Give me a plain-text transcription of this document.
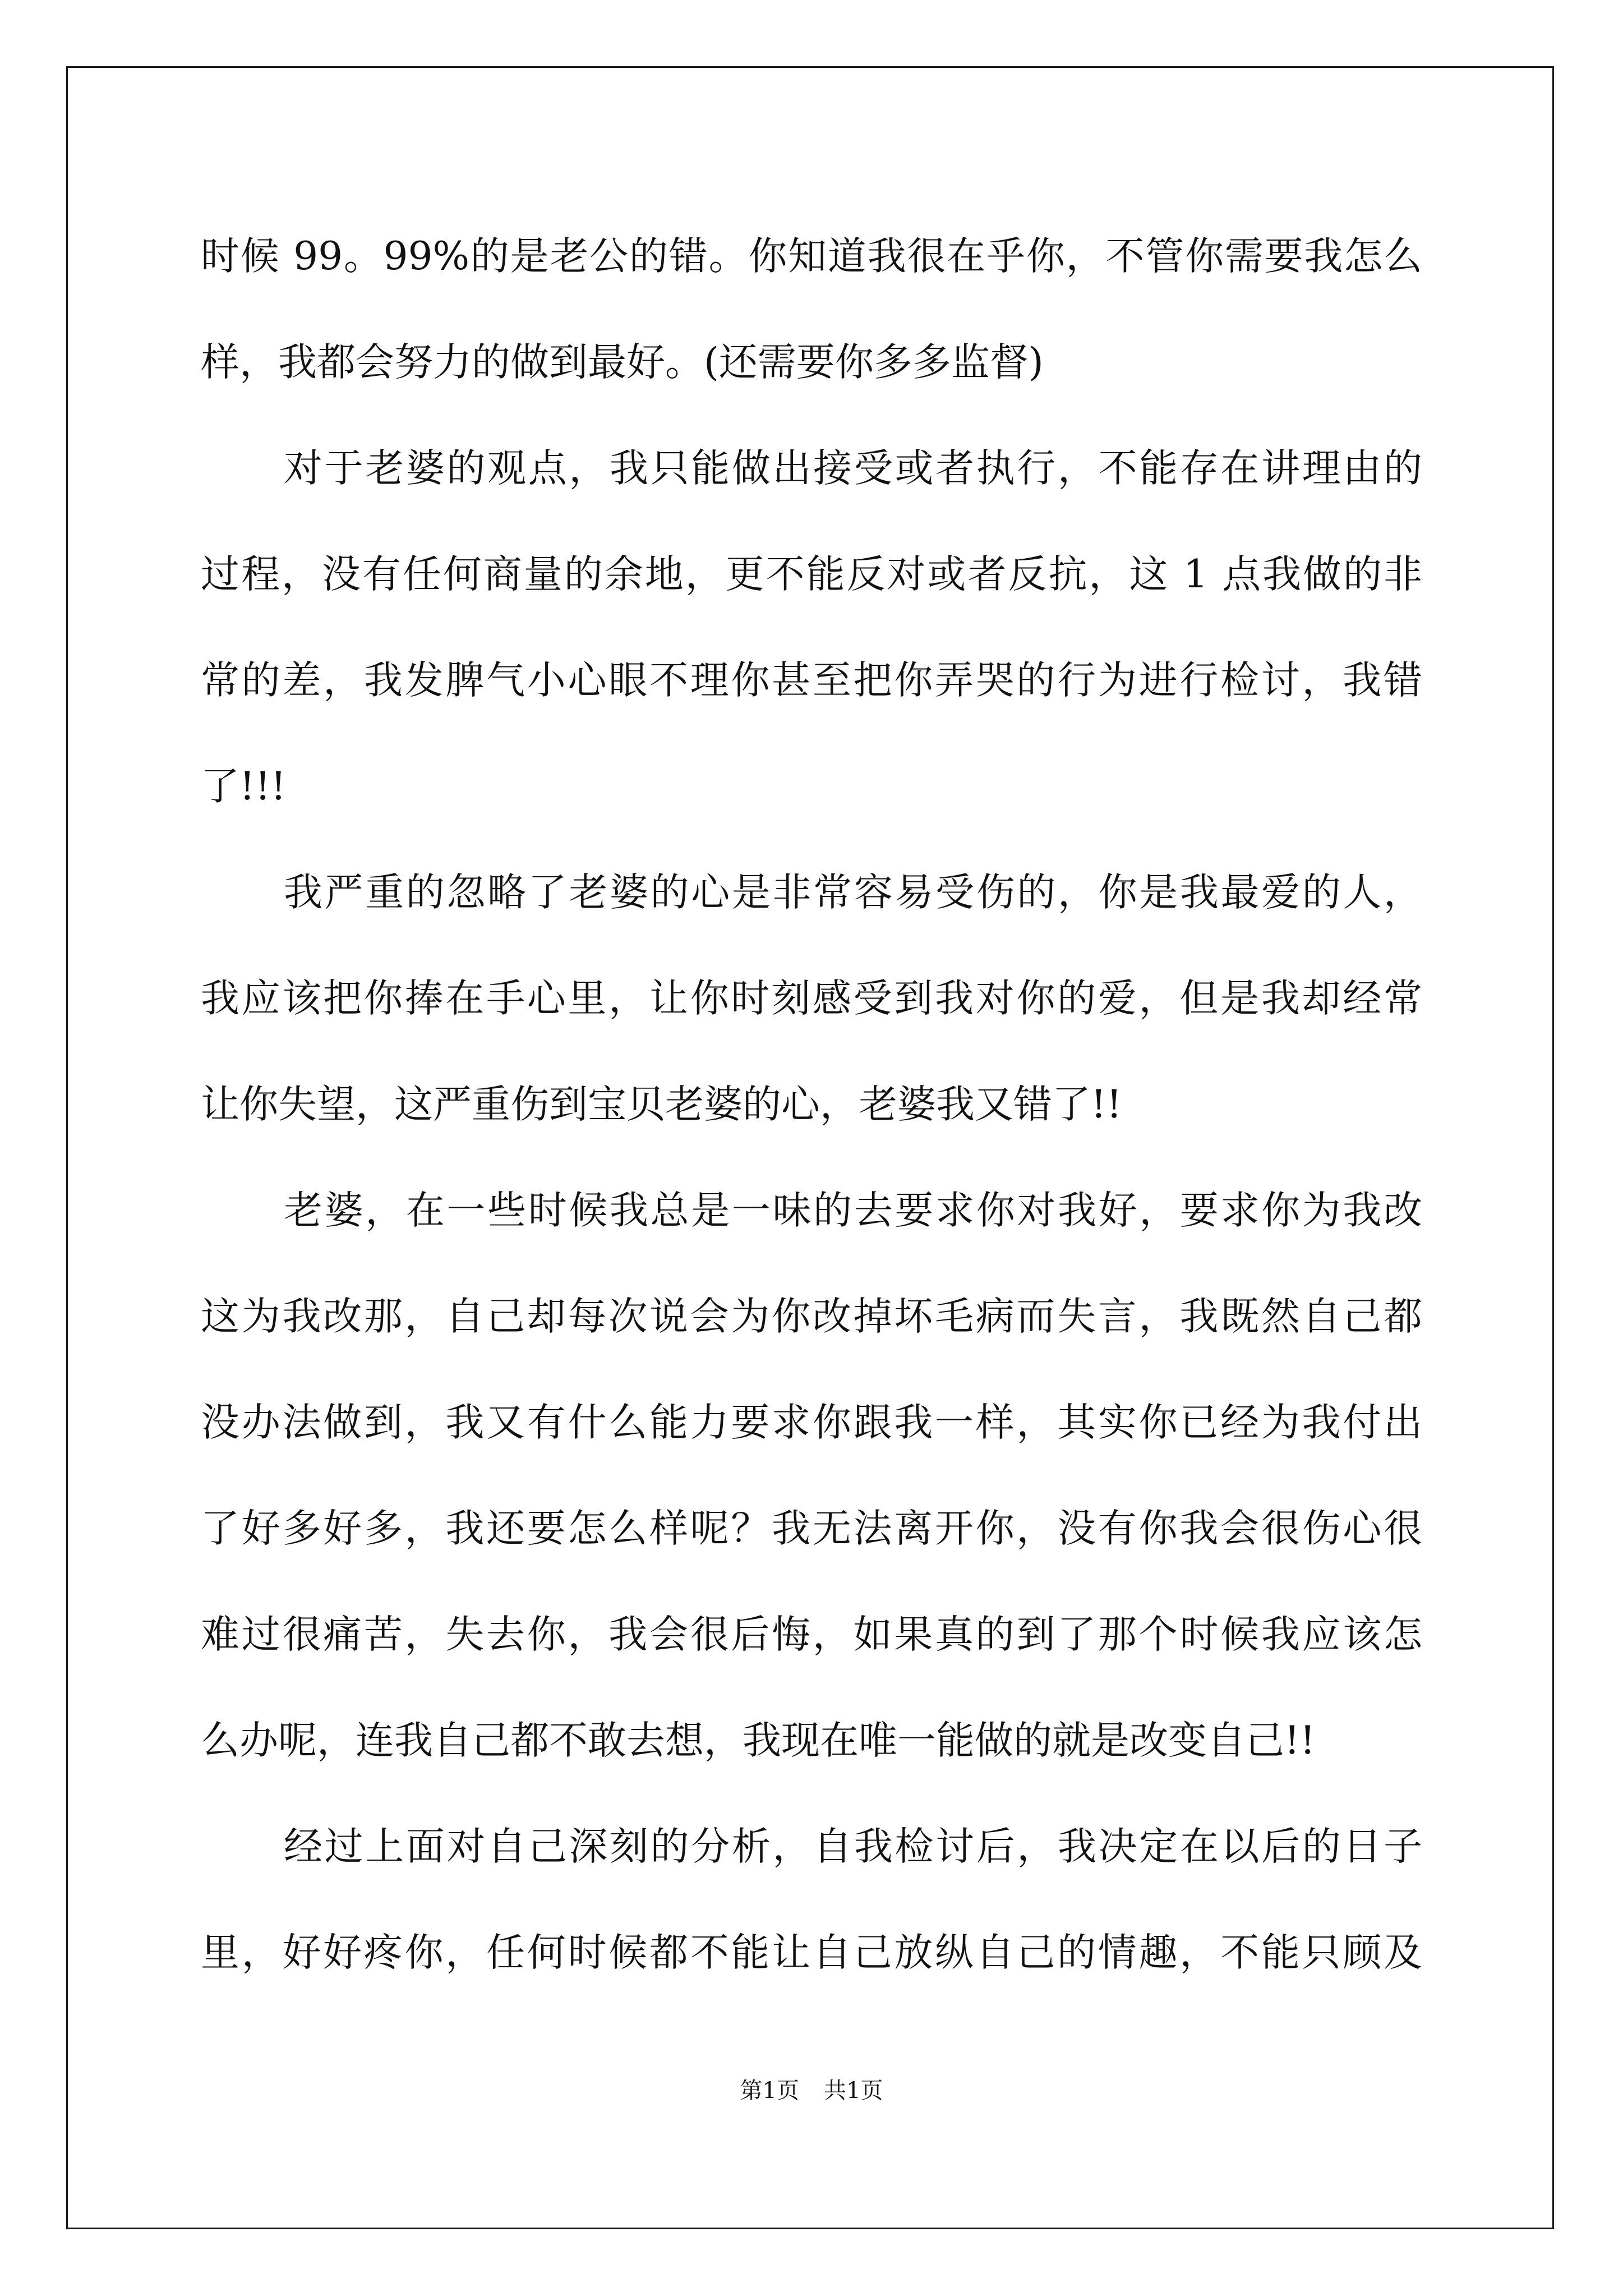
时候 99。99%的是老公的错。你知道我很在乎你，不管你需要我怎么
样，我都会努力的做到最好。(还需要你多多监督)
对于老婆的观点，我只能做出接受或者执行，不能存在讲理由的
过程，没有任何商量的余地，更不能反对或者反抗，这 1 点我做的非
常的差，我发脾气小心眼不理你甚至把你弄哭的行为进行检讨，我错
了!!!
我严重的忽略了老婆的心是非常容易受伤的，你是我最爱的人，
我应该把你捧在手心里，让你时刻感受到我对你的爱，但是我却经常
让你失望，这严重伤到宝贝老婆的心，老婆我又错了!!
老婆，在一些时候我总是一味的去要求你对我好，要求你为我改
这为我改那，自己却每次说会为你改掉坏毛病而失言，我既然自己都
没办法做到，我又有什么能力要求你跟我一样，其实你已经为我付出
了好多好多，我还要怎么样呢？我无法离开你，没有你我会很伤心很
难过很痛苦，失去你，我会很后悔，如果真的到了那个时候我应该怎
么办呢，连我自己都不敢去想，我现在唯一能做的就是改变自己!!
经过上面对自己深刻的分析，自我检讨后，我决定在以后的日子
里，好好疼你，任何时候都不能让自己放纵自己的情趣，不能只顾及
第1页 共1页
